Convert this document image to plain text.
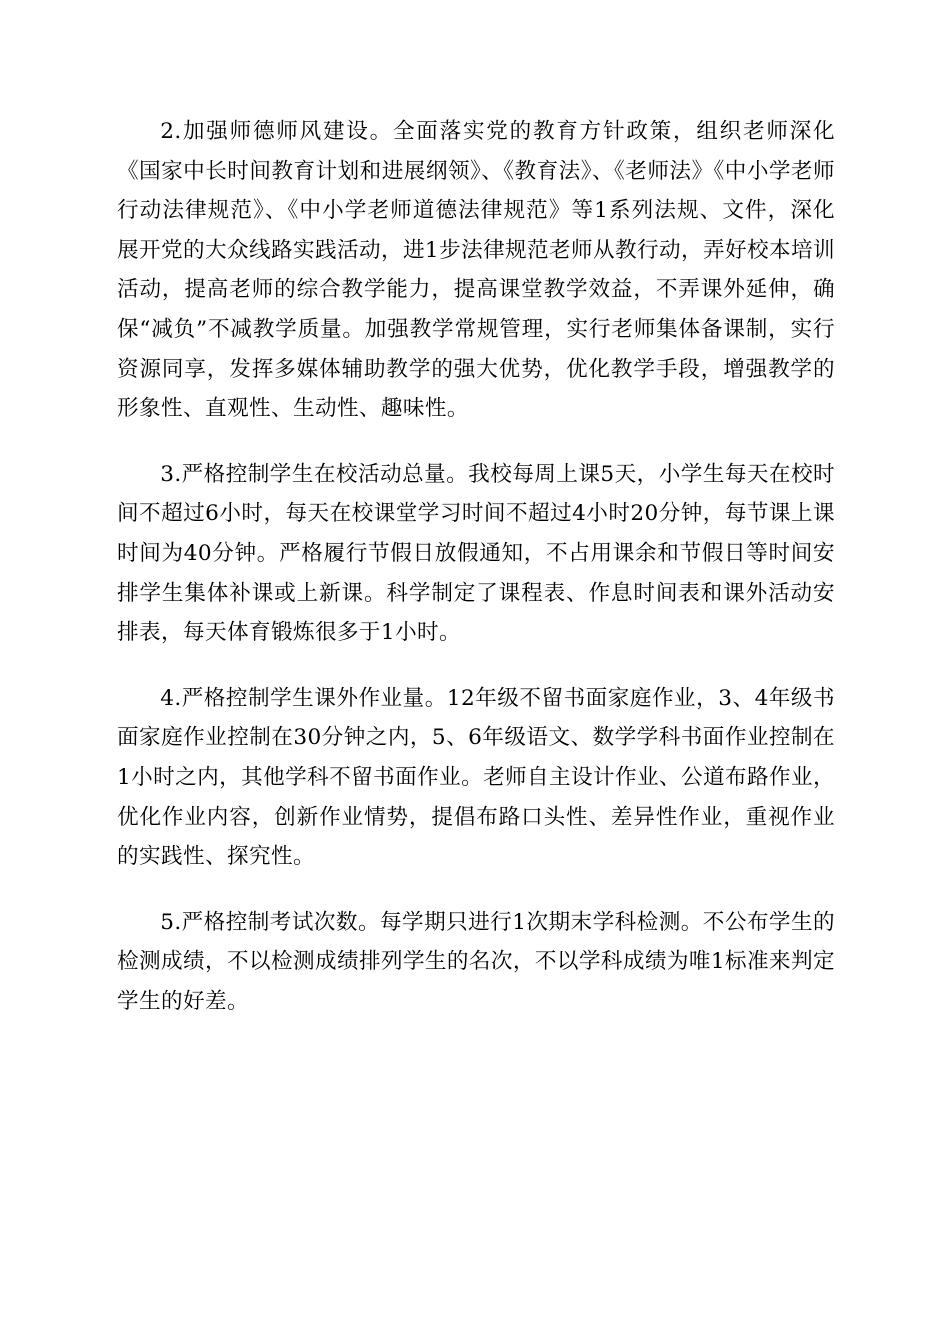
2.加强师德师风建设。全面落实党的教育方针政策，组织老师深化《国家中长时间教育计划和进展纲领》、《教育法》、《老师法》《中小学老师行动法律规范》、《中小学老师道德法律规范》等1系列法规、文件，深化展开党的大众线路实践活动，进1步法律规范老师从教行动，弄好校本培训活动，提高老师的综合教学能力，提高课堂教学效益，不弄课外延伸，确保“减负”不减教学质量。加强教学常规管理，实行老师集体备课制，实行资源同享，发挥多媒体辅助教学的强大优势，优化教学手段，增强教学的形象性、直观性、生动性、趣味性。

3.严格控制学生在校活动总量。我校每周上课5天，小学生每天在校时间不超过6小时，每天在校课堂学习时间不超过4小时20分钟，每节课上课时间为40分钟。严格履行节假日放假通知，不占用课余和节假日等时间安排学生集体补课或上新课。科学制定了课程表、作息时间表和课外活动安排表，每天体育锻炼很多于1小时。

4.严格控制学生课外作业量。12年级不留书面家庭作业，3、4年级书面家庭作业控制在30分钟之内，5、6年级语文、数学学科书面作业控制在1小时之内，其他学科不留书面作业。老师自主设计作业、公道布路作业，优化作业内容，创新作业情势，提倡布路口头性、差异性作业，重视作业的实践性、探究性。

5.严格控制考试次数。每学期只进行1次期末学科检测。不公布学生的检测成绩，不以检测成绩排列学生的名次，不以学科成绩为唯1标准来判定学生的好差。
